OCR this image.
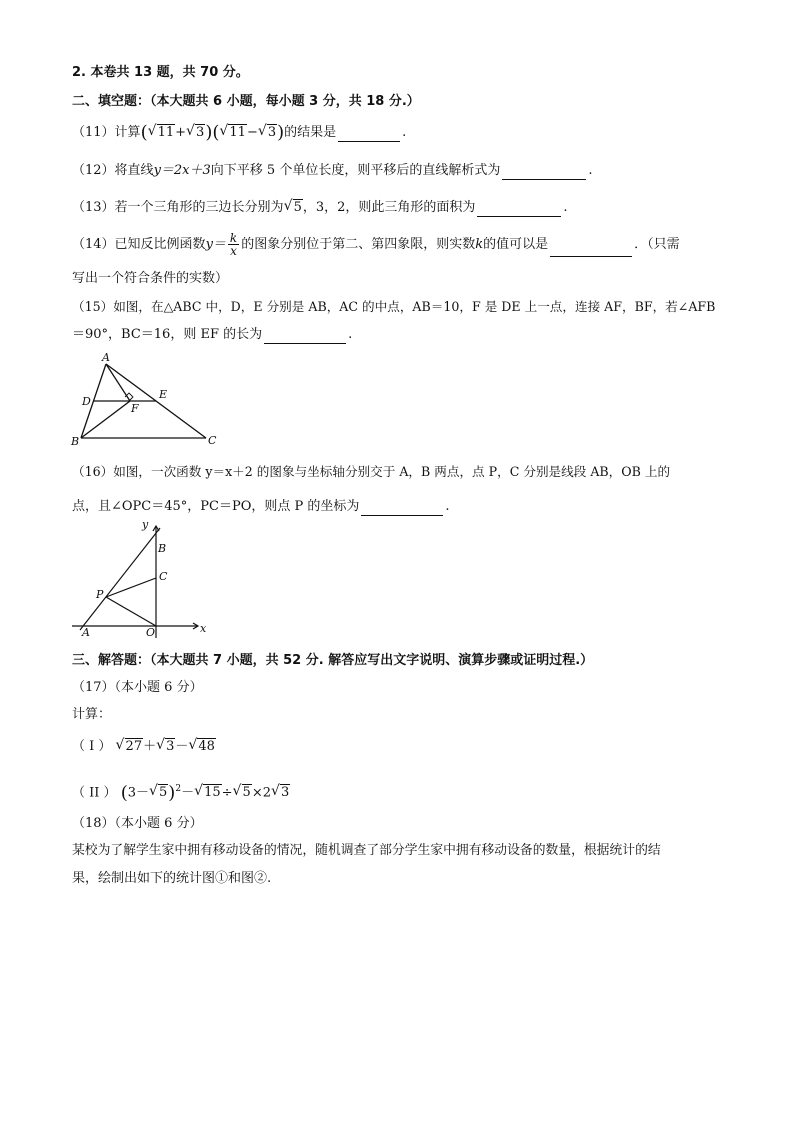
2. 本卷共 13 题，共 70 分。
二、填空题：（本大题共 6 小题，每小题 3 分，共 18 分.）
（11）计算( √ 11+ √ 3)( √ 11− √ 3)的结果是	.
（12）将直线y＝2x＋3向下平移 5 个单位长度，则平移后的直线解析式为	.
（13）若一个三角形的三边长分别为 √ 5，3，2，则此三角形的面积为	.
（14）已知反比例函数$y= \frac{k}{x}$ 的图象分别位于第二、第四象限，则实数k的值可以是	．（只需
写出一个符合条件的实数）
（15）如图，在△ABC 中，D，E 分别是 AB，AC 的中点，AB＝10，F 是 DE 上一点，连接 AF，BF，若∠AFB
＝90°，BC＝16，则 EF 的长为	.
A
B	C
D
E
F
（16）如图，一次函数 y＝x＋2 的图象与坐标轴分别交于 A，B 两点，点 P，C 分别是线段 AB，OB 上的
点，且∠OPC＝45°，PC＝PO，则点 P 的坐标为	.
y
x
B
C
P
A	O
三、解答题：（本大题共 7 小题，共 52 分. 解答应写出文字说明、演算步骤或证明过程.）
（17）（本小题 6 分）
计算：
（ I ） √ 27＋ √ 3－ √ 48
（ II ） (3－ √ 5)$^2$－ √ 15÷ √ 5×2 √ 3
（18）（本小题 6 分）
某校为了解学生家中拥有移动设备的情况，随机调查了部分学生家中拥有移动设备的数量，根据统计的结
果，绘制出如下的统计图①和图②.
